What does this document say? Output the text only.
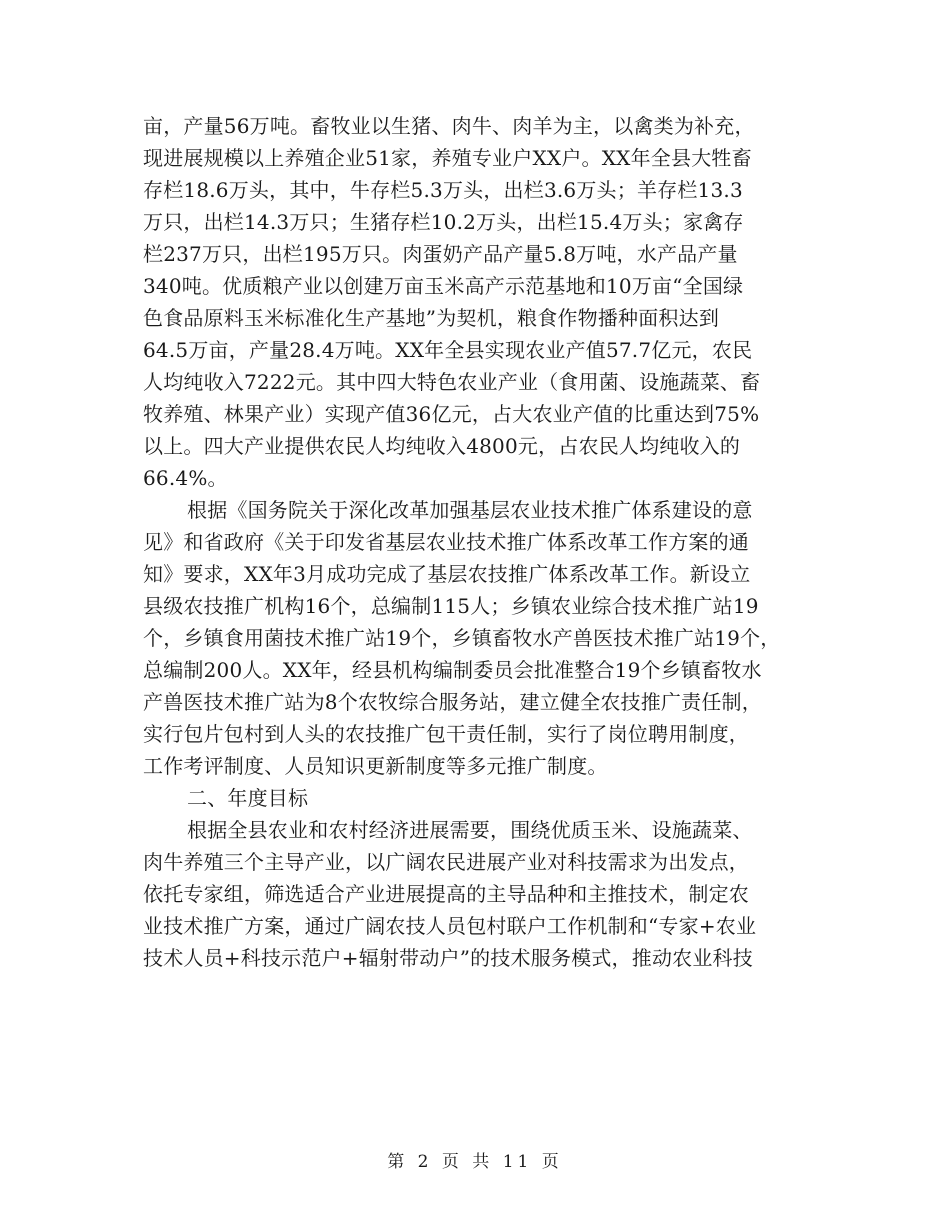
亩，产量56万吨。畜牧业以生猪、肉牛、肉羊为主，以禽类为补充，
现进展规模以上养殖企业51家，养殖专业户XX户。XX年全县大牲畜
存栏18.6万头，其中，牛存栏5.3万头，出栏3.6万头；羊存栏13.3
万只，出栏14.3万只；生猪存栏10.2万头，出栏15.4万头；家禽存
栏237万只，出栏195万只。肉蛋奶产品产量5.8万吨，水产品产量
340吨。优质粮产业以创建万亩玉米高产示范基地和10万亩“全国绿
色食品原料玉米标准化生产基地”为契机，粮食作物播种面积达到
64.5万亩，产量28.4万吨。XX年全县实现农业产值57.7亿元，农民
人均纯收入7222元。其中四大特色农业产业（食用菌、设施蔬菜、畜
牧养殖、林果产业）实现产值36亿元，占大农业产值的比重达到75%
以上。四大产业提供农民人均纯收入4800元，占农民人均纯收入的
66.4%。
根据《国务院关于深化改革加强基层农业技术推广体系建设的意
见》和省政府《关于印发省基层农业技术推广体系改革工作方案的通
知》要求，XX年3月成功完成了基层农技推广体系改革工作。新设立
县级农技推广机构16个，总编制115人；乡镇农业综合技术推广站19
个，乡镇食用菌技术推广站19个，乡镇畜牧水产兽医技术推广站19个，
总编制200人。XX年，经县机构编制委员会批准整合19个乡镇畜牧水
产兽医技术推广站为8个农牧综合服务站，建立健全农技推广责任制，
实行包片包村到人头的农技推广包干责任制，实行了岗位聘用制度，
工作考评制度、人员知识更新制度等多元推广制度。
二、年度目标
根据全县农业和农村经济进展需要，围绕优质玉米、设施蔬菜、
肉牛养殖三个主导产业，以广阔农民进展产业对科技需求为出发点，
依托专家组，筛选适合产业进展提高的主导品种和主推技术，制定农
业技术推广方案，通过广阔农技人员包村联户工作机制和“专家+农业
技术人员+科技示范户+辐射带动户”的技术服务模式，推动农业科技
第 2 页 共 11 页
